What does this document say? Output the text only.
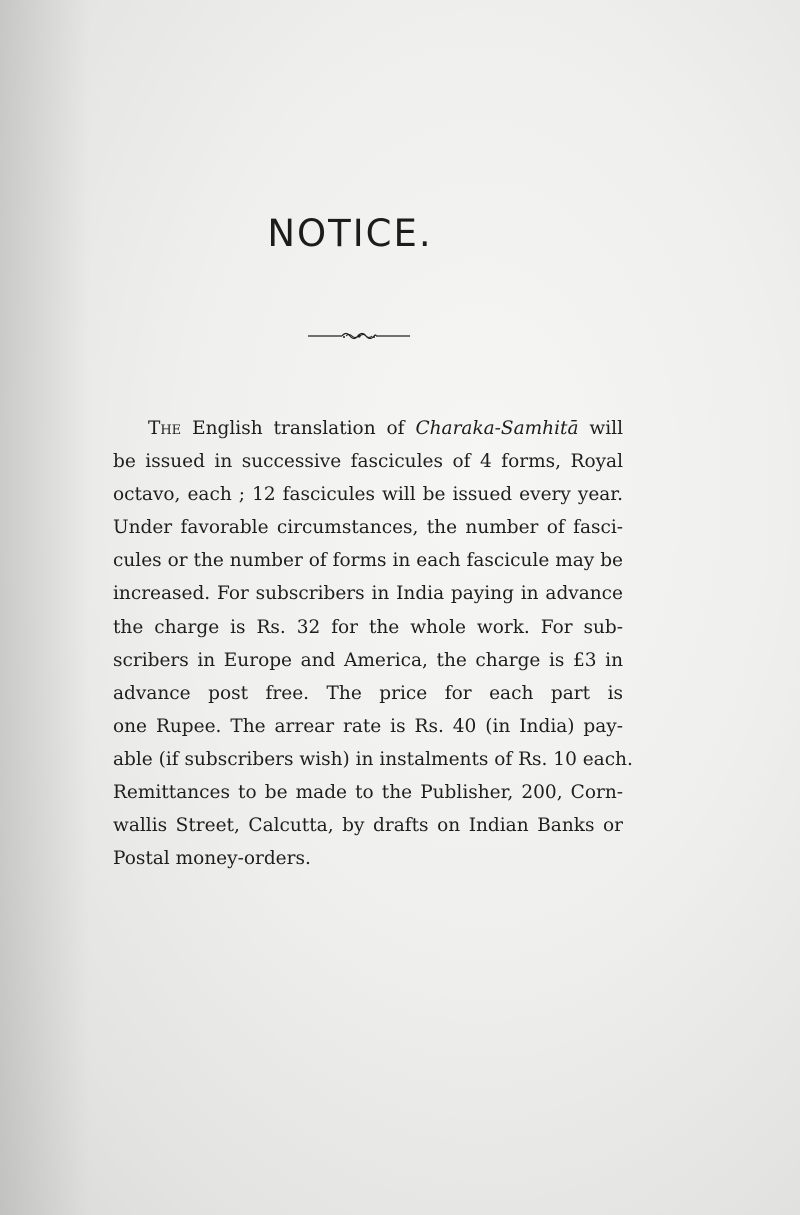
NOTICE.
The English translation of Charaka-Samhitā will
be issued in successive fascicules of 4 forms, Royal
octavo, each ; 12 fascicules will be issued every year.
Under favorable circumstances, the number of fasci-
cules or the number of forms in each fascicule may be
increased. For subscribers in India paying in advance
the charge is Rs. 32 for the whole work. For sub-
scribers in Europe and America, the charge is £3 in
advance post free. The price for each part is
one Rupee. The arrear rate is Rs. 40 (in India) pay-
able (if subscribers wish) in instalments of Rs. 10 each.
Remittances to be made to the Publisher, 200, Corn-
wallis Street, Calcutta, by drafts on Indian Banks or
Postal money-orders.
